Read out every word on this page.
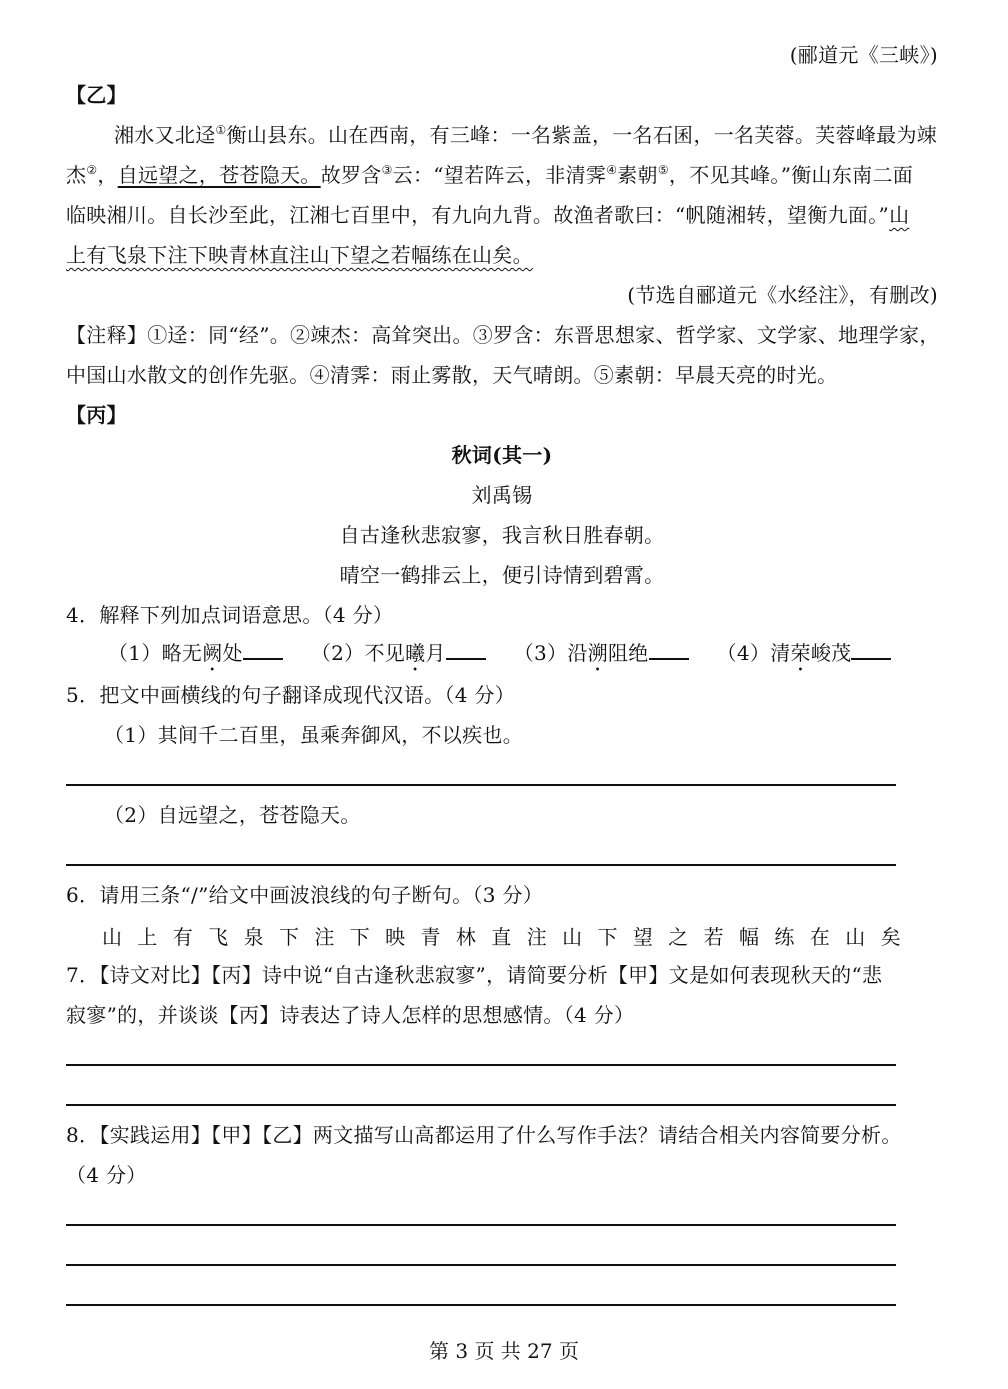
(郦道元《三峡》)
【乙】
湘水又北迳①衡山县东。山在西南，有三峰：一名紫盖，一名石囷，一名芙蓉。芙蓉峰最为竦
杰②，自远望之，苍苍隐天。故罗含③云：“望若阵云，非清霁④素朝⑤，不见其峰。”衡山东南二面
临映湘川。自长沙至此，江湘七百里中，有九向九背。故渔者歌曰：“帆随湘转，望衡九面。”山
上有飞泉下注下映青林直注山下望之若幅练在山矣。
(节选自郦道元《水经注》，有删改)
【注释】①迳：同“经”。②竦杰：高耸突出。③罗含：东晋思想家、哲学家、文学家、地理学家，
中国山水散文的创作先驱。④清霁：雨止雾散，天气晴朗。⑤素朝：早晨天亮的时光。
【丙】
秋词(其一)
刘禹锡
自古逢秋悲寂寥，我言秋日胜春朝。
晴空一鹤排云上，便引诗情到碧霄。
4．解释下列加点词语意思。（4 分）
（1）略无阙处	（2）不见曦月	（3）沿溯阻绝	（4）清荣峻茂
5．把文中画横线的句子翻译成现代汉语。（4 分）
（1）其间千二百里，虽乘奔御风，不以疾也。
（2）自远望之，苍苍隐天。
6．请用三条“/”给文中画波浪线的句子断句。（3 分）
山 上 有 飞 泉 下 注 下 映 青 林 直 注 山 下 望 之 若 幅 练 在 山 矣
7．【诗文对比】【丙】诗中说“自古逢秋悲寂寥”，请简要分析【甲】文是如何表现秋天的“悲
寂寥”的，并谈谈【丙】诗表达了诗人怎样的思想感情。（4 分）
8．【实践运用】【甲】【乙】两文描写山高都运用了什么写作手法？请结合相关内容简要分析。
（4 分）
第 3 页 共 27 页
